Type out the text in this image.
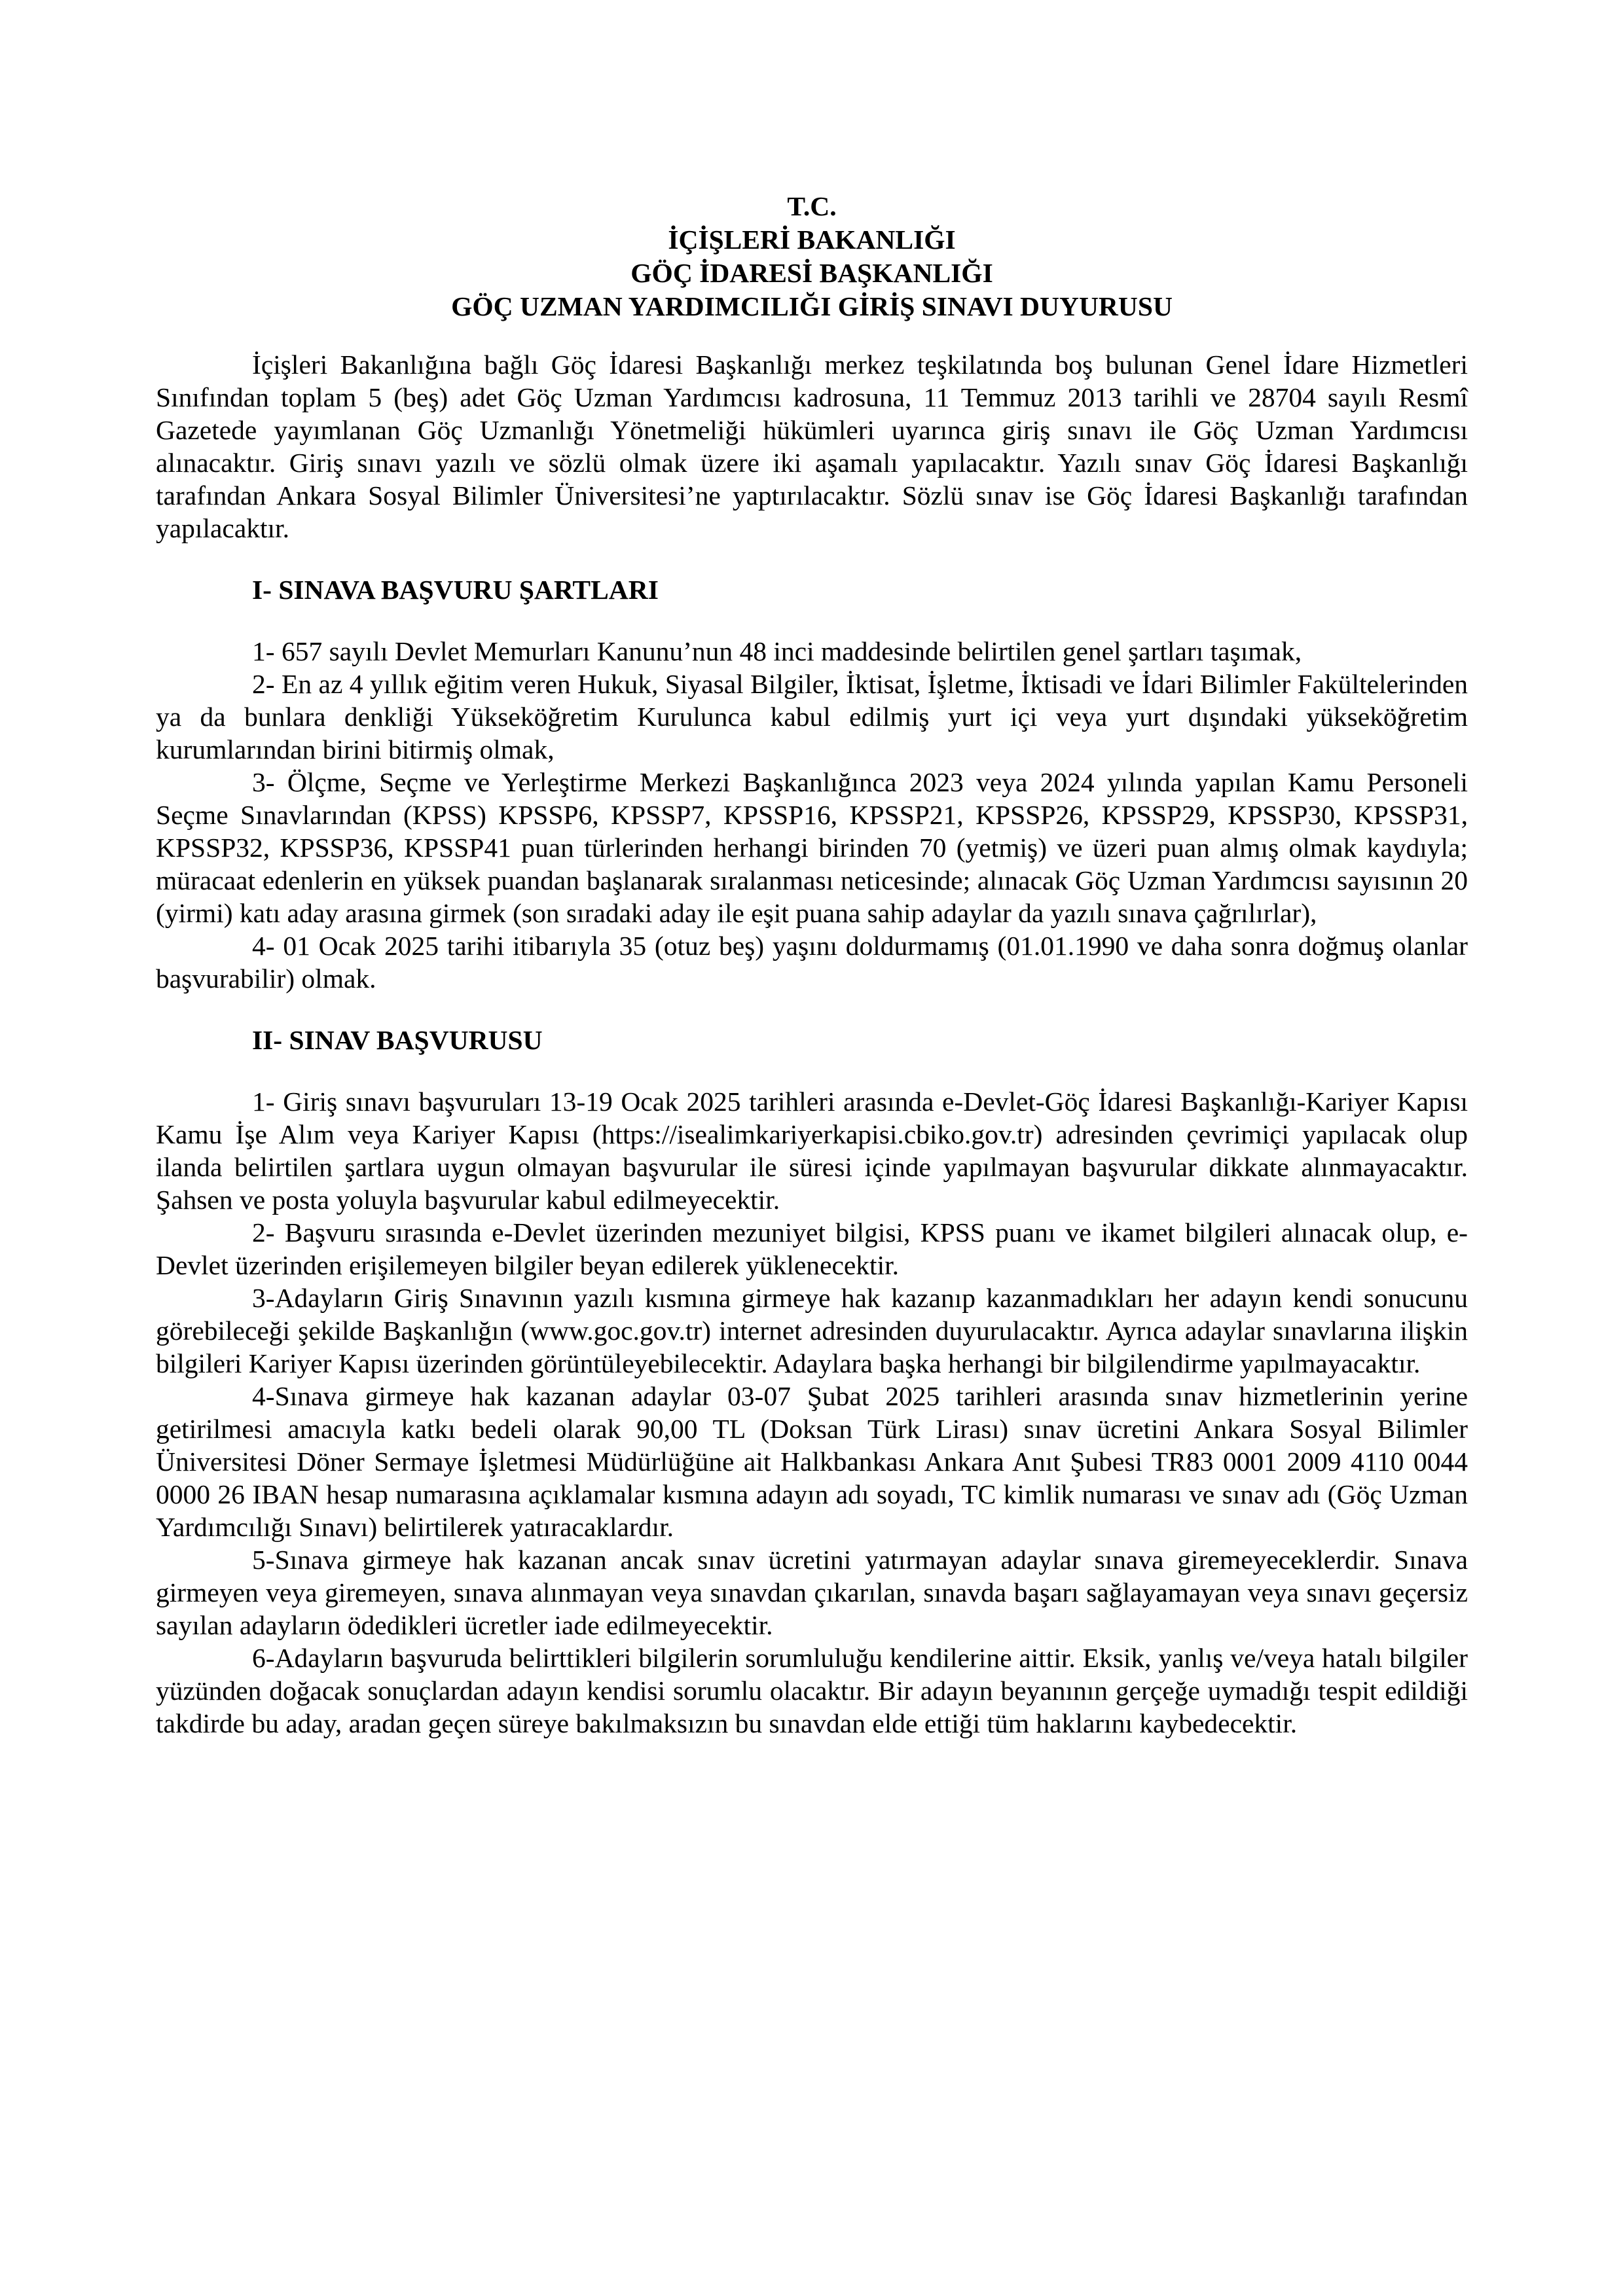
T.C.
İÇİŞLERİ BAKANLIĞI
GÖÇ İDARESİ BAŞKANLIĞI
GÖÇ UZMAN YARDIMCILIĞI GİRİŞ SINAVI DUYURUSU

İçişleri Bakanlığına bağlı Göç İdaresi Başkanlığı merkez teşkilatında boş bulunan Genel İdare Hizmetleri Sınıfından toplam 5 (beş) adet Göç Uzman Yardımcısı kadrosuna, 11 Temmuz 2013 tarihli ve 28704 sayılı Resmî Gazetede yayımlanan Göç Uzmanlığı Yönetmeliği hükümleri uyarınca giriş sınavı ile Göç Uzman Yardımcısı alınacaktır. Giriş sınavı yazılı ve sözlü olmak üzere iki aşamalı yapılacaktır. Yazılı sınav Göç İdaresi Başkanlığı tarafından Ankara Sosyal Bilimler Üniversitesi’ne yaptırılacaktır. Sözlü sınav ise Göç İdaresi Başkanlığı tarafından yapılacaktır.

I- SINAVA BAŞVURU ŞARTLARI

1- 657 sayılı Devlet Memurları Kanunu’nun 48 inci maddesinde belirtilen genel şartları taşımak,

2- En az 4 yıllık eğitim veren Hukuk, Siyasal Bilgiler, İktisat, İşletme, İktisadi ve İdari Bilimler Fakültelerinden ya da bunlara denkliği Yükseköğretim Kurulunca kabul edilmiş yurt içi veya yurt dışındaki yükseköğretim kurumlarından birini bitirmiş olmak,

3- Ölçme, Seçme ve Yerleştirme Merkezi Başkanlığınca 2023 veya 2024 yılında yapılan Kamu Personeli Seçme Sınavlarından (KPSS) KPSSP6, KPSSP7, KPSSP16, KPSSP21, KPSSP26, KPSSP29, KPSSP30, KPSSP31, KPSSP32, KPSSP36, KPSSP41 puan türlerinden herhangi birinden 70 (yetmiş) ve üzeri puan almış olmak kaydıyla; müracaat edenlerin en yüksek puandan başlanarak sıralanması neticesinde; alınacak Göç Uzman Yardımcısı sayısının 20 (yirmi) katı aday arasına girmek (son sıradaki aday ile eşit puana sahip adaylar da yazılı sınava çağrılırlar),

4- 01 Ocak 2025 tarihi itibarıyla 35 (otuz beş) yaşını doldurmamış (01.01.1990 ve daha sonra doğmuş olanlar başvurabilir) olmak.

II- SINAV BAŞVURUSU

1- Giriş sınavı başvuruları 13-19 Ocak 2025 tarihleri arasında e-Devlet-Göç İdaresi Başkanlığı-Kariyer Kapısı Kamu İşe Alım veya Kariyer Kapısı (https://isealimkariyerkapisi.cbiko.gov.tr) adresinden çevrimiçi yapılacak olup ilanda belirtilen şartlara uygun olmayan başvurular ile süresi içinde yapılmayan başvurular dikkate alınmayacaktır. Şahsen ve posta yoluyla başvurular kabul edilmeyecektir.

2- Başvuru sırasında e-Devlet üzerinden mezuniyet bilgisi, KPSS puanı ve ikamet bilgileri alınacak olup, e-Devlet üzerinden erişilemeyen bilgiler beyan edilerek yüklenecektir.

3-Adayların Giriş Sınavının yazılı kısmına girmeye hak kazanıp kazanmadıkları her adayın kendi sonucunu görebileceği şekilde Başkanlığın (www.goc.gov.tr) internet adresinden duyurulacaktır. Ayrıca adaylar sınavlarına ilişkin bilgileri Kariyer Kapısı üzerinden görüntüleyebilecektir. Adaylara başka herhangi bir bilgilendirme yapılmayacaktır.

4-Sınava girmeye hak kazanan adaylar 03-07 Şubat 2025 tarihleri arasında sınav hizmetlerinin yerine getirilmesi amacıyla katkı bedeli olarak 90,00 TL (Doksan Türk Lirası) sınav ücretini Ankara Sosyal Bilimler Üniversitesi Döner Sermaye İşletmesi Müdürlüğüne ait Halkbankası Ankara Anıt Şubesi TR83 0001 2009 4110 0044 0000 26 IBAN hesap numarasına açıklamalar kısmına adayın adı soyadı, TC kimlik numarası ve sınav adı (Göç Uzman Yardımcılığı Sınavı) belirtilerek yatıracaklardır.

5-Sınava girmeye hak kazanan ancak sınav ücretini yatırmayan adaylar sınava giremeyeceklerdir. Sınava girmeyen veya giremeyen, sınava alınmayan veya sınavdan çıkarılan, sınavda başarı sağlayamayan veya sınavı geçersiz sayılan adayların ödedikleri ücretler iade edilmeyecektir.

6-Adayların başvuruda belirttikleri bilgilerin sorumluluğu kendilerine aittir. Eksik, yanlış ve/veya hatalı bilgiler yüzünden doğacak sonuçlardan adayın kendisi sorumlu olacaktır. Bir adayın beyanının gerçeğe uymadığı tespit edildiği takdirde bu aday, aradan geçen süreye bakılmaksızın bu sınavdan elde ettiği tüm haklarını kaybedecektir.
